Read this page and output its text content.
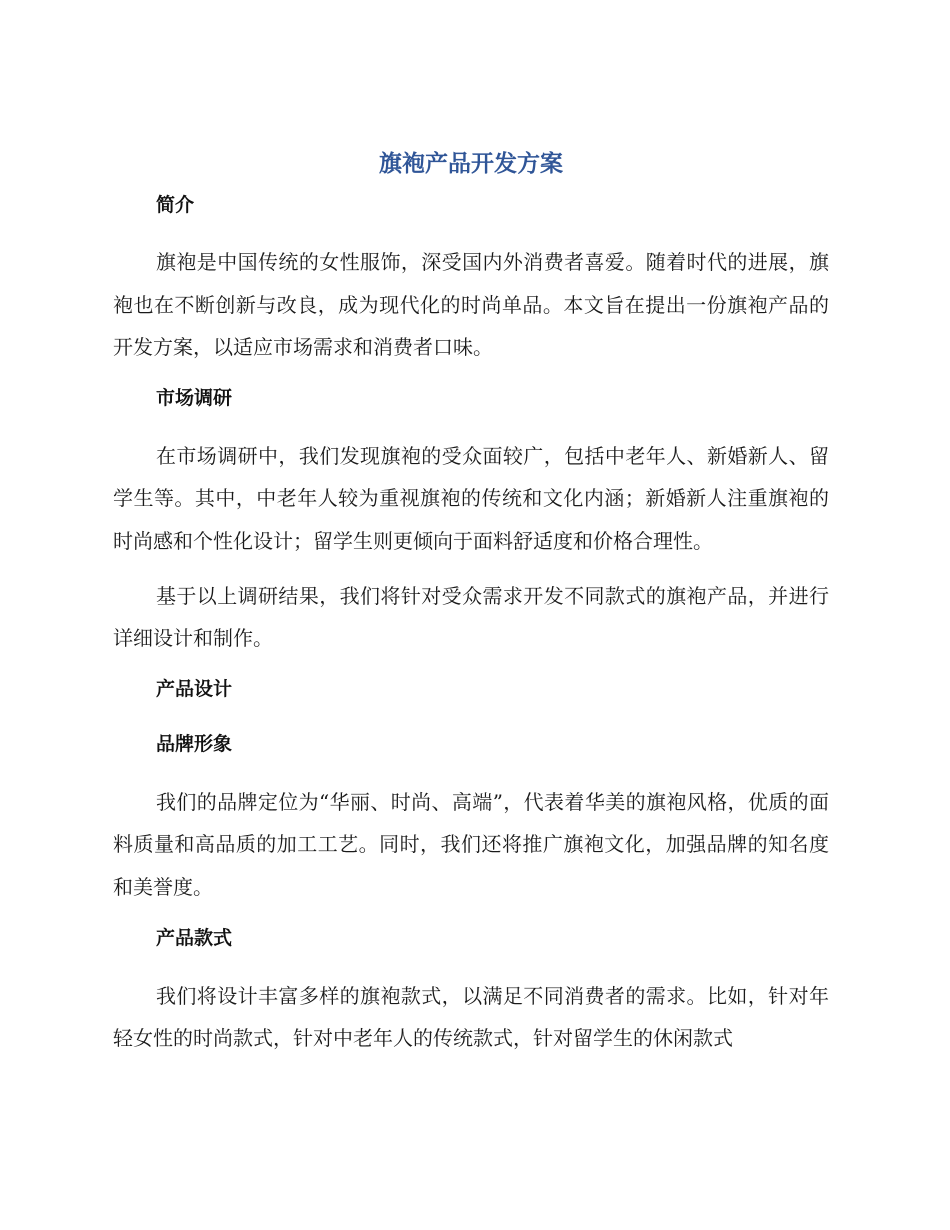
旗袍产品开发方案
简介

旗袍是中国传统的女性服饰，深受国内外消费者喜爱。随着时代的进展，旗袍也在不断创新与改良，成为现代化的时尚单品。本文旨在提出一份旗袍产品的开发方案，以适应市场需求和消费者口味。

市场调研

在市场调研中，我们发现旗袍的受众面较广，包括中老年人、新婚新人、留学生等。其中，中老年人较为重视旗袍的传统和文化内涵；新婚新人注重旗袍的时尚感和个性化设计；留学生则更倾向于面料舒适度和价格合理性。

基于以上调研结果，我们将针对受众需求开发不同款式的旗袍产品，并进行详细设计和制作。

产品设计
品牌形象

我们的品牌定位为“华丽、时尚、高端”，代表着华美的旗袍风格，优质的面料质量和高品质的加工工艺。同时，我们还将推广旗袍文化，加强品牌的知名度和美誉度。

产品款式

我们将设计丰富多样的旗袍款式，以满足不同消费者的需求。比如，针对年轻女性的时尚款式，针对中老年人的传统款式，针对留学生的休闲款式
